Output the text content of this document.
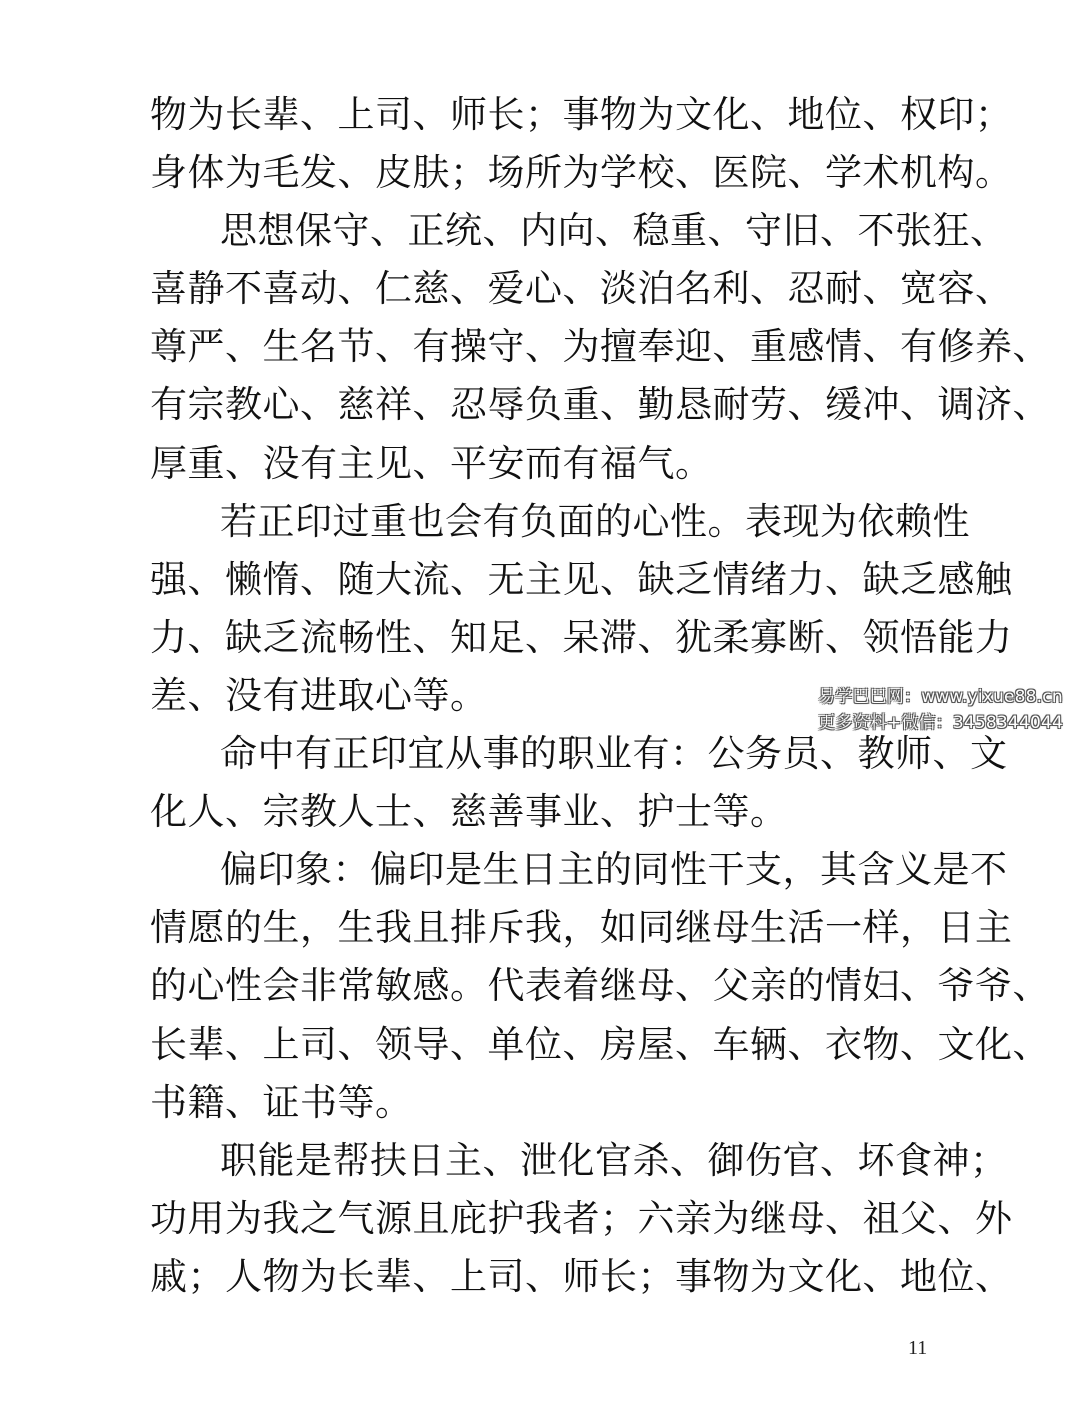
物为长辈、上司、师长；事物为文化、地位、权印；
身体为毛发、皮肤；场所为学校、医院、学术机构。
思想保守、正统、内向、稳重、守旧、不张狂、
喜静不喜动、仁慈、爱心、淡泊名利、忍耐、宽容、
尊严、生名节、有操守、为擅奉迎、重感情、有修养、
有宗教心、慈祥、忍辱负重、勤恳耐劳、缓冲、调济、
厚重、没有主见、平安而有福气。
若正印过重也会有负面的心性。表现为依赖性
强、懒惰、随大流、无主见、缺乏情绪力、缺乏感触
力、缺乏流畅性、知足、呆滞、犹柔寡断、领悟能力
差、没有进取心等。
命中有正印宜从事的职业有：公务员、教师、文
化人、宗教人士、慈善事业、护士等。
偏印象：偏印是生日主的同性干支，其含义是不
情愿的生，生我且排斥我，如同继母生活一样，日主
的心性会非常敏感。代表着继母、父亲的情妇、爷爷、
长辈、上司、领导、单位、房屋、车辆、衣物、文化、
书籍、证书等。
职能是帮扶日主、泄化官杀、御伤官、坏食神；
功用为我之气源且庇护我者；六亲为继母、祖父、外
戚；人物为长辈、上司、师长；事物为文化、地位、
易学巴巴网：www.yixue88.cn
更多资料+微信：3458344044
11
